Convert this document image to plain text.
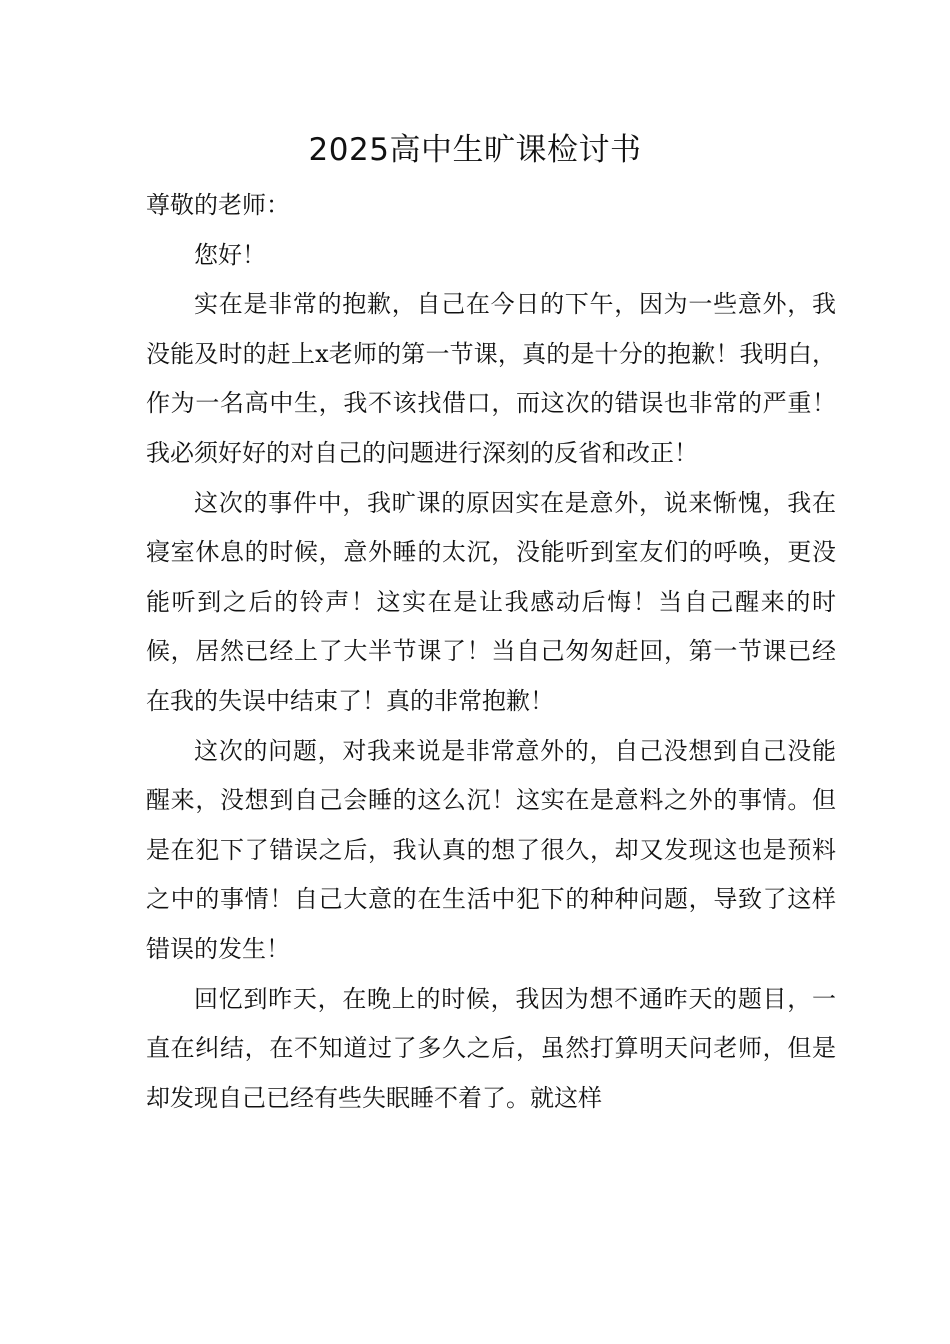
2025高中生旷课检讨书

尊敬的老师：

您好！

实在是非常的抱歉，自己在今日的下午，因为一些意外，我没能及时的赶上x老师的第一节课，真的是十分的抱歉！我明白，作为一名高中生，我不该找借口，而这次的错误也非常的严重！我必须好好的对自己的问题进行深刻的反省和改正！

这次的事件中，我旷课的原因实在是意外，说来惭愧，我在寝室休息的时候，意外睡的太沉，没能听到室友们的呼唤，更没能听到之后的铃声！这实在是让我感动后悔！当自己醒来的时候，居然已经上了大半节课了！当自己匆匆赶回，第一节课已经在我的失误中结束了！真的非常抱歉！

这次的问题，对我来说是非常意外的，自己没想到自己没能醒来，没想到自己会睡的这么沉！这实在是意料之外的事情。但是在犯下了错误之后，我认真的想了很久，却又发现这也是预料之中的事情！自己大意的在生活中犯下的种种问题，导致了这样错误的发生！

回忆到昨天，在晚上的时候，我因为想不通昨天的题目，一直在纠结，在不知道过了多久之后，虽然打算明天问老师，但是却发现自己已经有些失眠睡不着了。就这样
